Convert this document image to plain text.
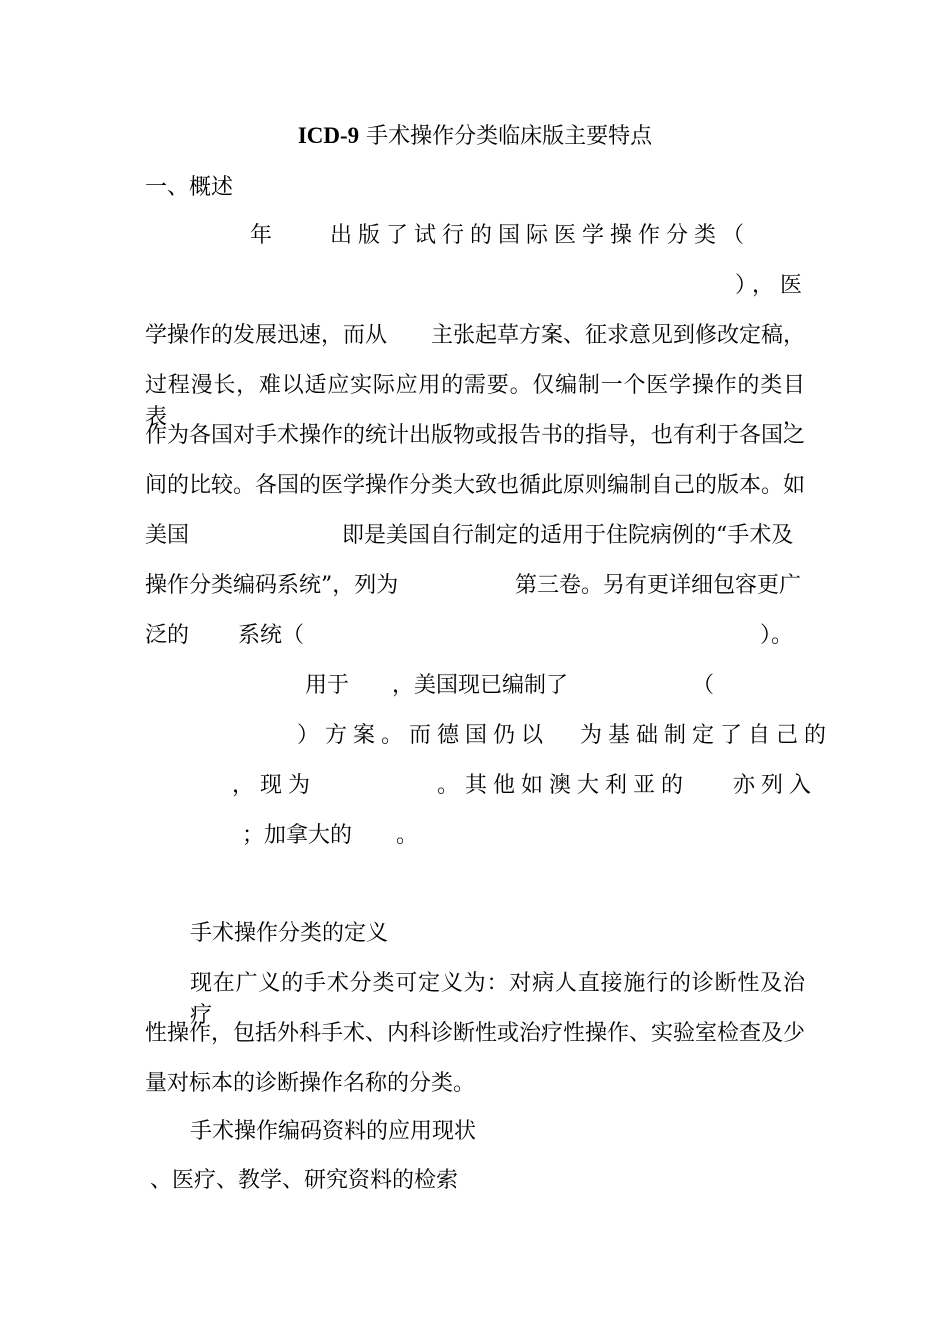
ICD-9 手术操作分类临床版主要特点
一、概述
年	出版了试行的国际医学操作分类（
），医
学操作的发展迅速，而从　　主张起草方案、征求意见到修改定稿，
过程漫长，难以适应实际应用的需要。仅编制一个医学操作的类目表，
作为各国对手术操作的统计出版物或报告书的指导，也有利于各国之
间的比较。各国的医学操作分类大致也循此原则编制自己的版本。如
美国	即是美国自行制定的适用于住院病例的“手术及
操作分类编码系统”，列为	第三卷。另有更详细包容更广
泛的 系统（	）。
用于 ，美国现已编制了	（
）方案。而德国仍以 为基础制定了自己的
，现为	。其他如澳大利亚的 亦列入
；加拿大的　　。
手术操作分类的定义
现在广义的手术分类可定义为：对病人直接施行的诊断性及治疗
性操作，包括外科手术、内科诊断性或治疗性操作、实验室检查及少
量对标本的诊断操作名称的分类。
手术操作编码资料的应用现状
、医疗、教学、研究资料的检索
